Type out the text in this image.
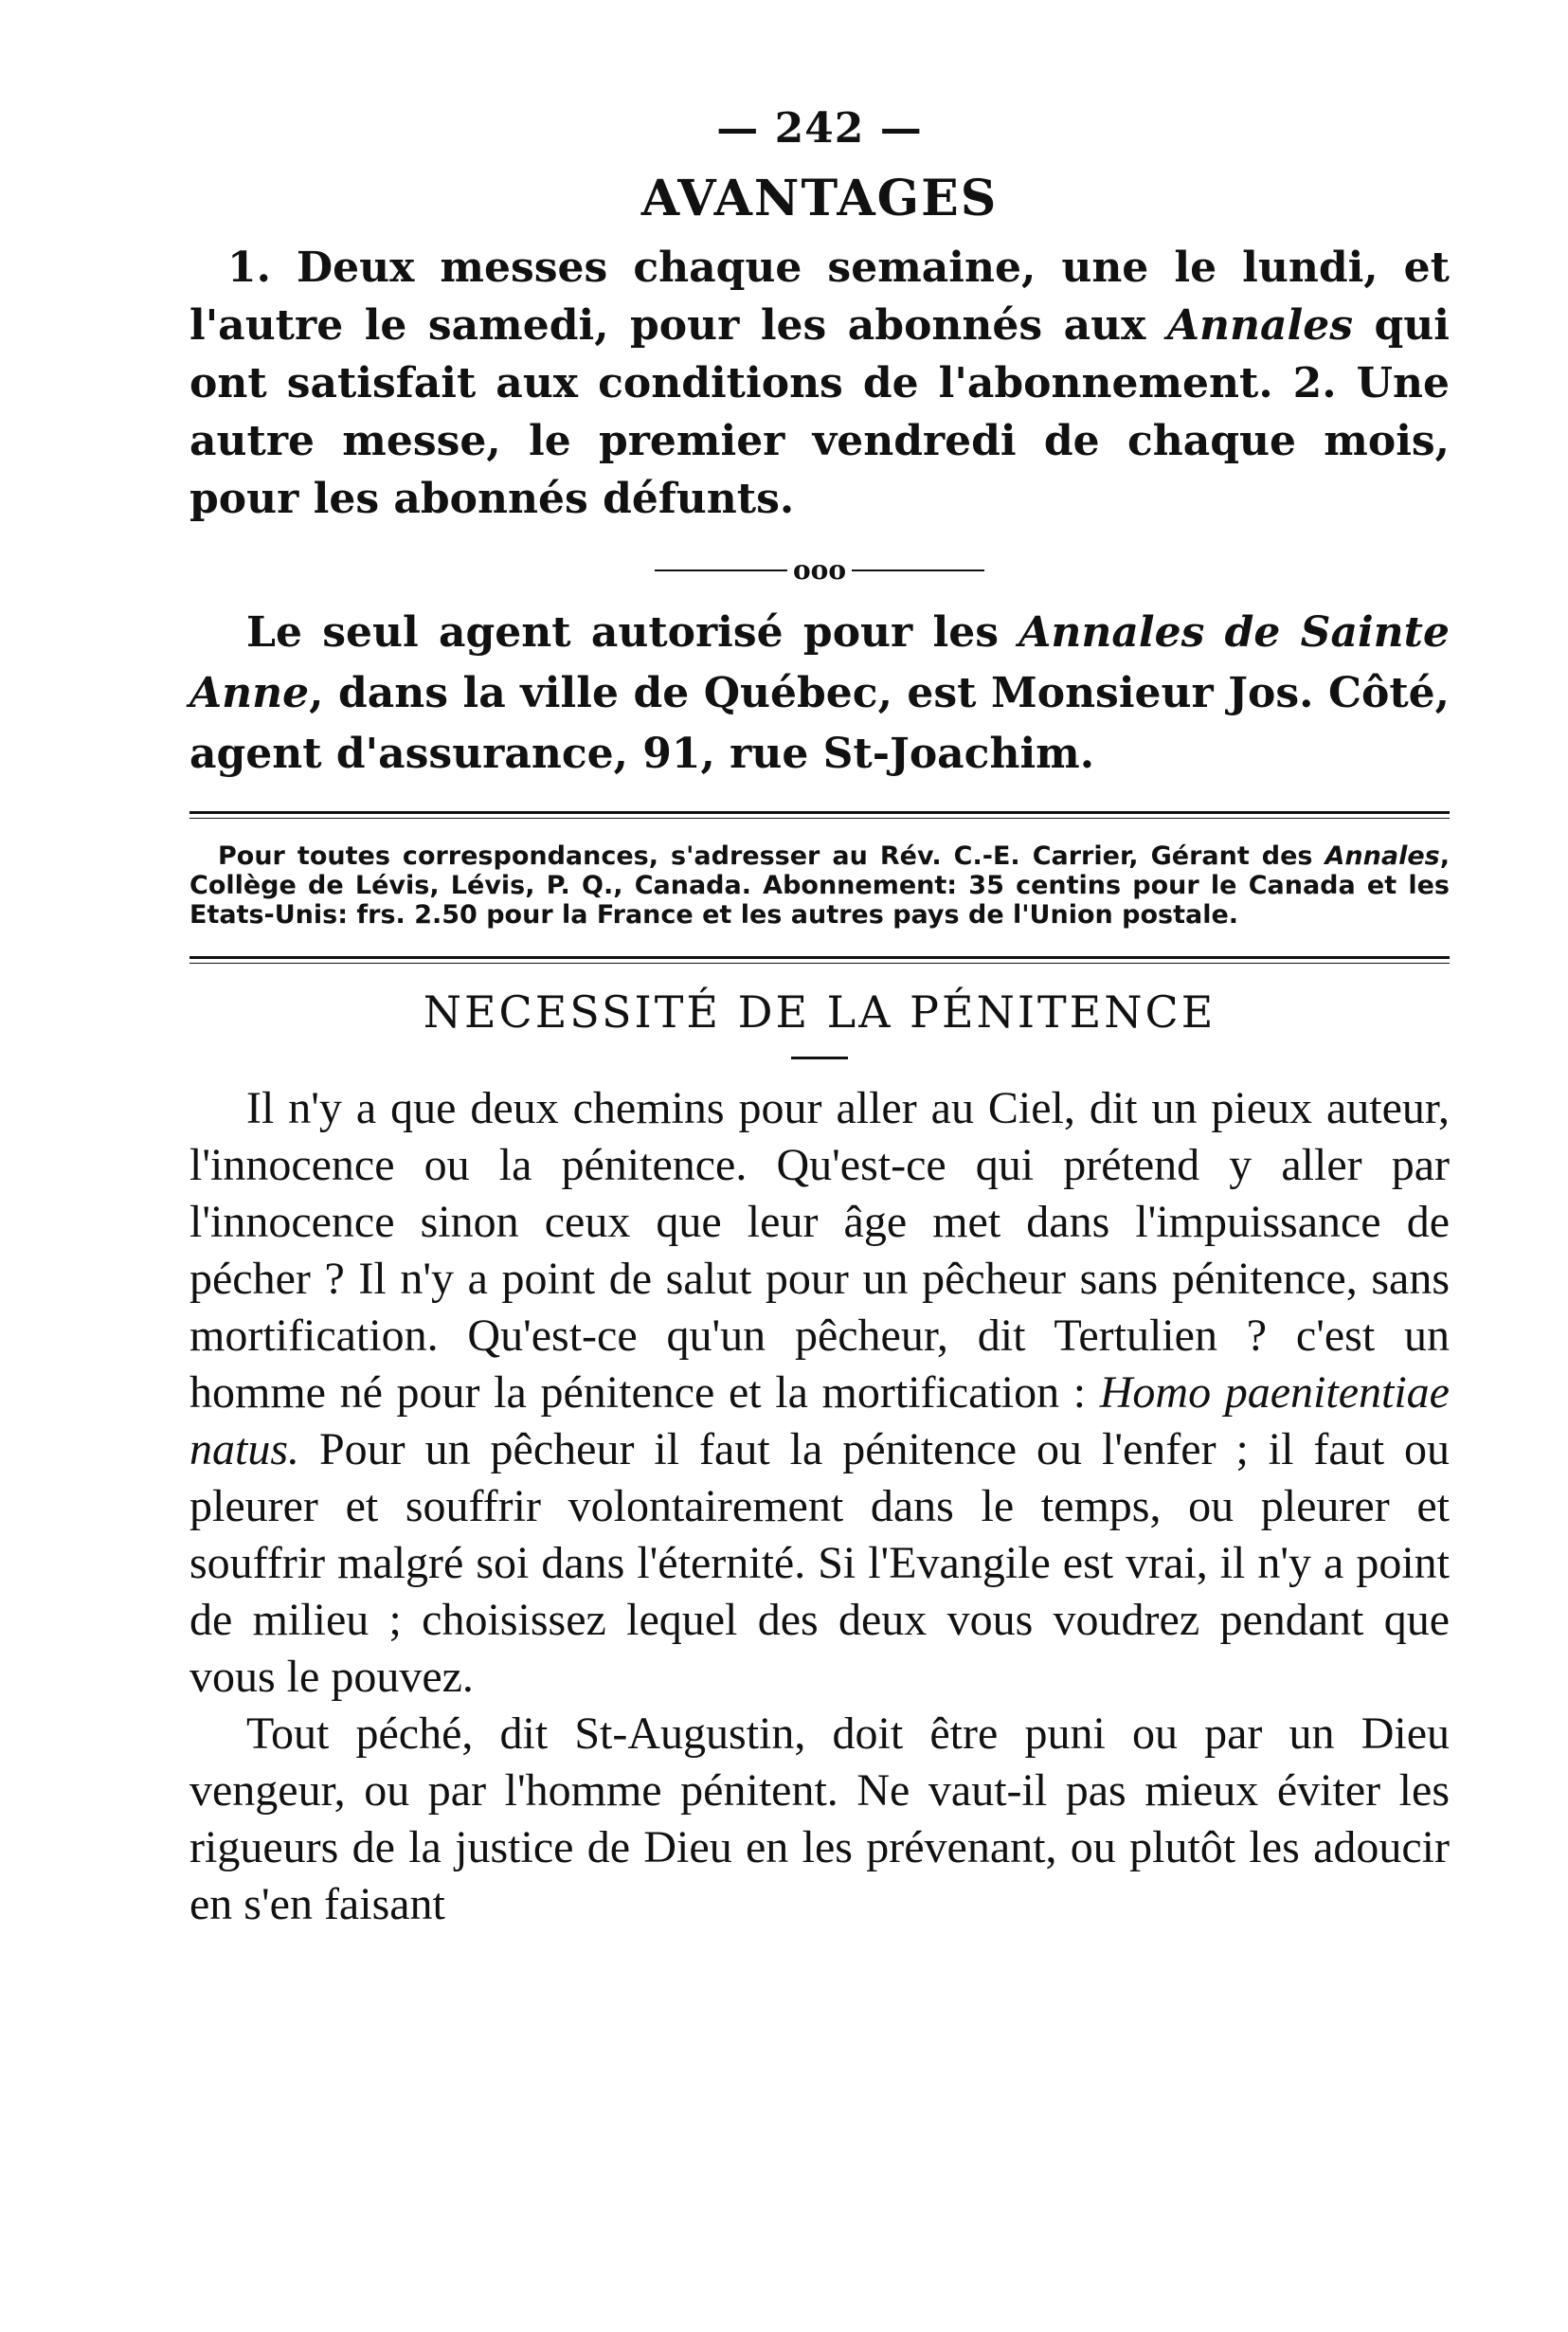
— 242 —
AVANTAGES

1. Deux messes chaque semaine, une le lundi, et l'autre le samedi, pour les abonnés aux Annales qui ont satisfait aux conditions de l'abonnement. 2. Une autre messe, le premier vendredi de chaque mois, pour les abonnés défunts.

ooo

Le seul agent autorisé pour les Annales de Sainte Anne, dans la ville de Québec, est Monsieur Jos. Côté, agent d'assurance, 91, rue St-Joachim.

Pour toutes correspondances, s'adresser au Rév. C.-E. Carrier, Gérant des Annales, Collège de Lévis, Lévis, P. Q., Canada. Abonnement: 35 centins pour le Canada et les Etats-Unis: frs. 2.50 pour la France et les autres pays de l'Union postale.

NECESSITÉ DE LA PÉNITENCE

Il n'y a que deux chemins pour aller au Ciel, dit un pieux auteur, l'innocence ou la pénitence. Qu'est-ce qui prétend y aller par l'innocence sinon ceux que leur âge met dans l'impuissance de pécher ? Il n'y a point de salut pour un pêcheur sans pénitence, sans mortification. Qu'est-ce qu'un pêcheur, dit Tertulien ? c'est un homme né pour la pénitence et la mortification : Homo paenitentiae natus. Pour un pêcheur il faut la pénitence ou l'enfer ; il faut ou pleurer et souffrir volontairement dans le temps, ou pleurer et souffrir malgré soi dans l'éternité. Si l'Evangile est vrai, il n'y a point de milieu ; choisissez lequel des deux vous voudrez pendant que vous le pouvez.

Tout péché, dit St-Augustin, doit être puni ou par un Dieu vengeur, ou par l'homme pénitent. Ne vaut-il pas mieux éviter les rigueurs de la justice de Dieu en les prévenant, ou plutôt les adoucir en s'en faisant
